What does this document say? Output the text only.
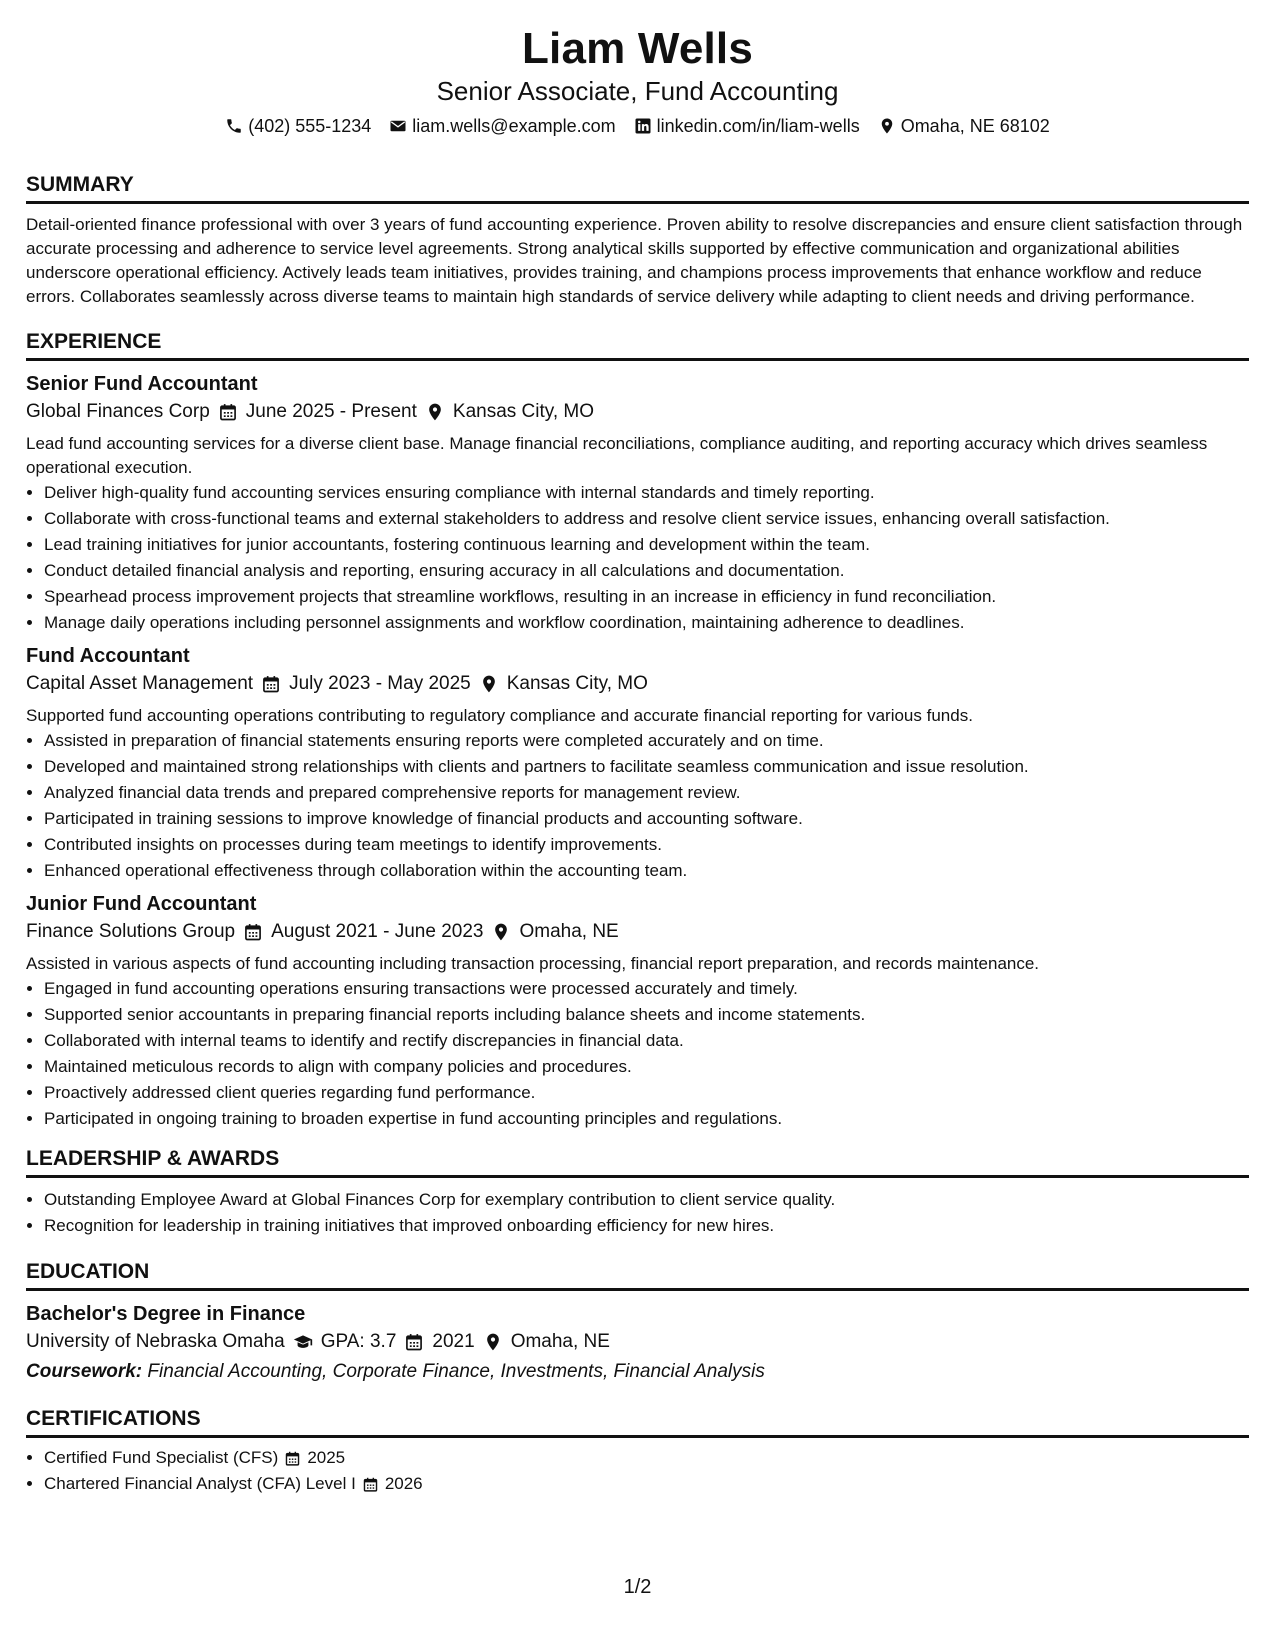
Liam Wells
Senior Associate, Fund Accounting
(402) 555-1234 liam.wells@example.com linkedin.com/in/liam-wells Omaha, NE 68102
SUMMARY
Detail-oriented finance professional with over 3 years of fund accounting experience. Proven ability to resolve discrepancies and ensure client satisfaction through accurate processing and adherence to service level agreements. Strong analytical skills supported by effective communication and organizational abilities underscore operational efficiency. Actively leads team initiatives, provides training, and champions process improvements that enhance workflow and reduce errors. Collaborates seamlessly across diverse teams to maintain high standards of service delivery while adapting to client needs and driving performance.
EXPERIENCE
Senior Fund Accountant
Global Finances Corp June 2025 - Present Kansas City, MO
Lead fund accounting services for a diverse client base. Manage financial reconciliations, compliance auditing, and reporting accuracy which drives seamless operational execution.
• Deliver high-quality fund accounting services ensuring compliance with internal standards and timely reporting.
• Collaborate with cross-functional teams and external stakeholders to address and resolve client service issues, enhancing overall satisfaction.
• Lead training initiatives for junior accountants, fostering continuous learning and development within the team.
• Conduct detailed financial analysis and reporting, ensuring accuracy in all calculations and documentation.
• Spearhead process improvement projects that streamline workflows, resulting in an increase in efficiency in fund reconciliation.
• Manage daily operations including personnel assignments and workflow coordination, maintaining adherence to deadlines.
Fund Accountant
Capital Asset Management July 2023 - May 2025 Kansas City, MO
Supported fund accounting operations contributing to regulatory compliance and accurate financial reporting for various funds.
• Assisted in preparation of financial statements ensuring reports were completed accurately and on time.
• Developed and maintained strong relationships with clients and partners to facilitate seamless communication and issue resolution.
• Analyzed financial data trends and prepared comprehensive reports for management review.
• Participated in training sessions to improve knowledge of financial products and accounting software.
• Contributed insights on processes during team meetings to identify improvements.
• Enhanced operational effectiveness through collaboration within the accounting team.
Junior Fund Accountant
Finance Solutions Group August 2021 - June 2023 Omaha, NE
Assisted in various aspects of fund accounting including transaction processing, financial report preparation, and records maintenance.
• Engaged in fund accounting operations ensuring transactions were processed accurately and timely.
• Supported senior accountants in preparing financial reports including balance sheets and income statements.
• Collaborated with internal teams to identify and rectify discrepancies in financial data.
• Maintained meticulous records to align with company policies and procedures.
• Proactively addressed client queries regarding fund performance.
• Participated in ongoing training to broaden expertise in fund accounting principles and regulations.
LEADERSHIP & AWARDS
• Outstanding Employee Award at Global Finances Corp for exemplary contribution to client service quality.
• Recognition for leadership in training initiatives that improved onboarding efficiency for new hires.
EDUCATION
Bachelor's Degree in Finance
University of Nebraska Omaha GPA: 3.7 2021 Omaha, NE
Coursework: Financial Accounting, Corporate Finance, Investments, Financial Analysis
CERTIFICATIONS
• Certified Fund Specialist (CFS) 2025
• Chartered Financial Analyst (CFA) Level I 2026
1/2
